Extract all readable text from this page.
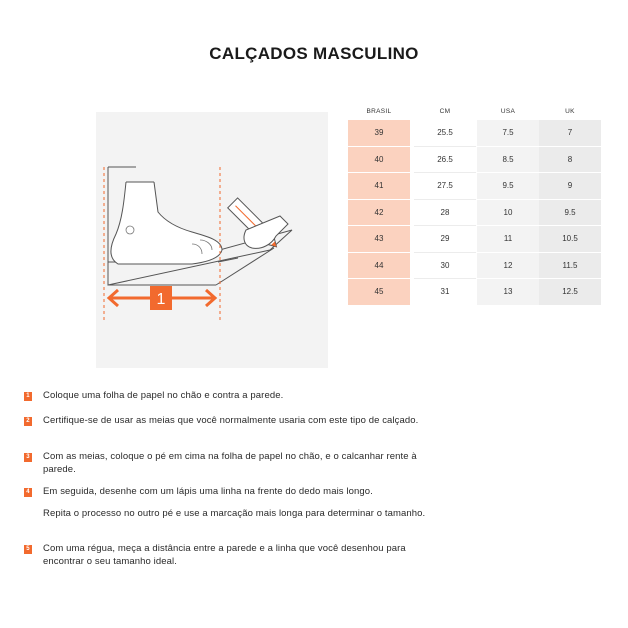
CALÇADOS MASCULINO
1
BRASIL
39
40
41
42
43
44
45
CM
25.5
26.5
27.5
28
29
30
31
USA
7.5
8.5
9.5
10
11
12
13
UK
7
8
9
9.5
10.5
11.5
12.5
1 Coloque uma folha de papel no chão e contra a parede.
2 Certifique-se de usar as meias que você normalmente usaria com este tipo de calçado.
3 Com as meias, coloque o pé em cima na folha de papel no chão, e o calcanhar rente à parede.
4 Em seguida, desenhe com um lápis uma linha na frente do dedo mais longo.
Repita o processo no outro pé e use a marcação mais longa para determinar o tamanho.
5 Com uma régua, meça a distância entre a parede e a linha que você desenhou para encontrar o seu tamanho ideal.
